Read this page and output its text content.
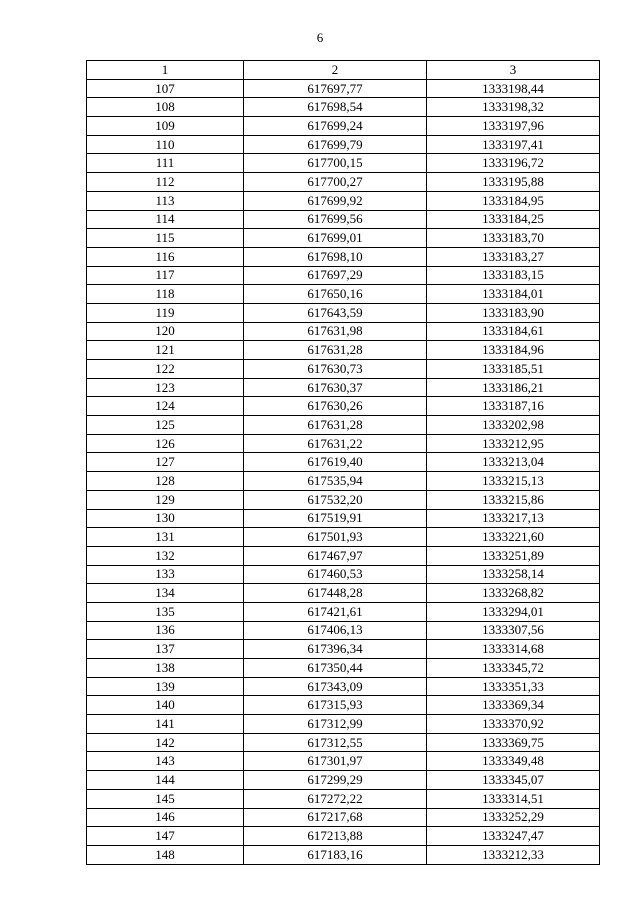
6
1	2	3
107	617697,77	1333198,44
108	617698,54	1333198,32
109	617699,24	1333197,96
110	617699,79	1333197,41
111	617700,15	1333196,72
112	617700,27	1333195,88
113	617699,92	1333184,95
114	617699,56	1333184,25
115	617699,01	1333183,70
116	617698,10	1333183,27
117	617697,29	1333183,15
118	617650,16	1333184,01
119	617643,59	1333183,90
120	617631,98	1333184,61
121	617631,28	1333184,96
122	617630,73	1333185,51
123	617630,37	1333186,21
124	617630,26	1333187,16
125	617631,28	1333202,98
126	617631,22	1333212,95
127	617619,40	1333213,04
128	617535,94	1333215,13
129	617532,20	1333215,86
130	617519,91	1333217,13
131	617501,93	1333221,60
132	617467,97	1333251,89
133	617460,53	1333258,14
134	617448,28	1333268,82
135	617421,61	1333294,01
136	617406,13	1333307,56
137	617396,34	1333314,68
138	617350,44	1333345,72
139	617343,09	1333351,33
140	617315,93	1333369,34
141	617312,99	1333370,92
142	617312,55	1333369,75
143	617301,97	1333349,48
144	617299,29	1333345,07
145	617272,22	1333314,51
146	617217,68	1333252,29
147	617213,88	1333247,47
148	617183,16	1333212,33
